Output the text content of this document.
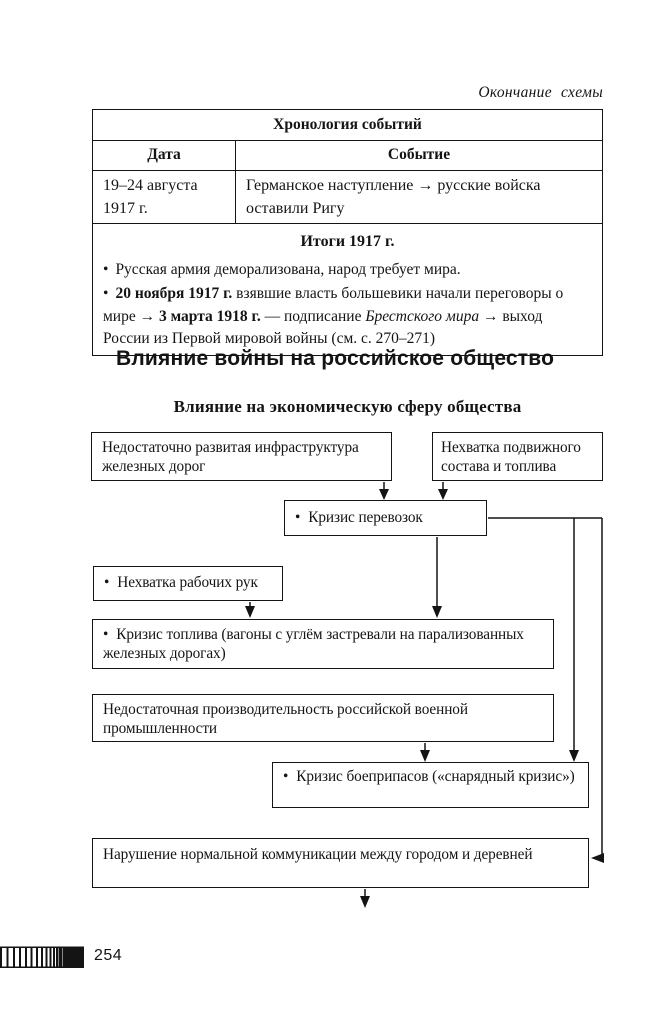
Окончание схемы
Хронология событий	
Дата	Событие
19–24 августа 1917 г.	Германское наступление → русские войска оставили Ригу

Итоги 1917 г.

• Русская армия деморализована, народ требует мира.

• 20 ноября 1917 г. взявшие власть большевики начали переговоры о мире → 3 марта 1918 г. — подписание Брестского мира → выход России из Первой мировой войны (см. с. 270–271)	

Влияние войны на российское общество
Влияние на экономическую сферу общества
Недостаточно развитая инфраструктура железных дорог
Нехватка подвижного состава и топлива
• Кризис перевозок
• Нехватка рабочих рук
• Кризис топлива (вагоны с углём застревали на парализованных железных дорогах)
Недостаточная производительность российской военной промышленности
• Кризис боеприпасов («снарядный кризис»)
Нарушение нормальной коммуникации между городом и деревней
254
